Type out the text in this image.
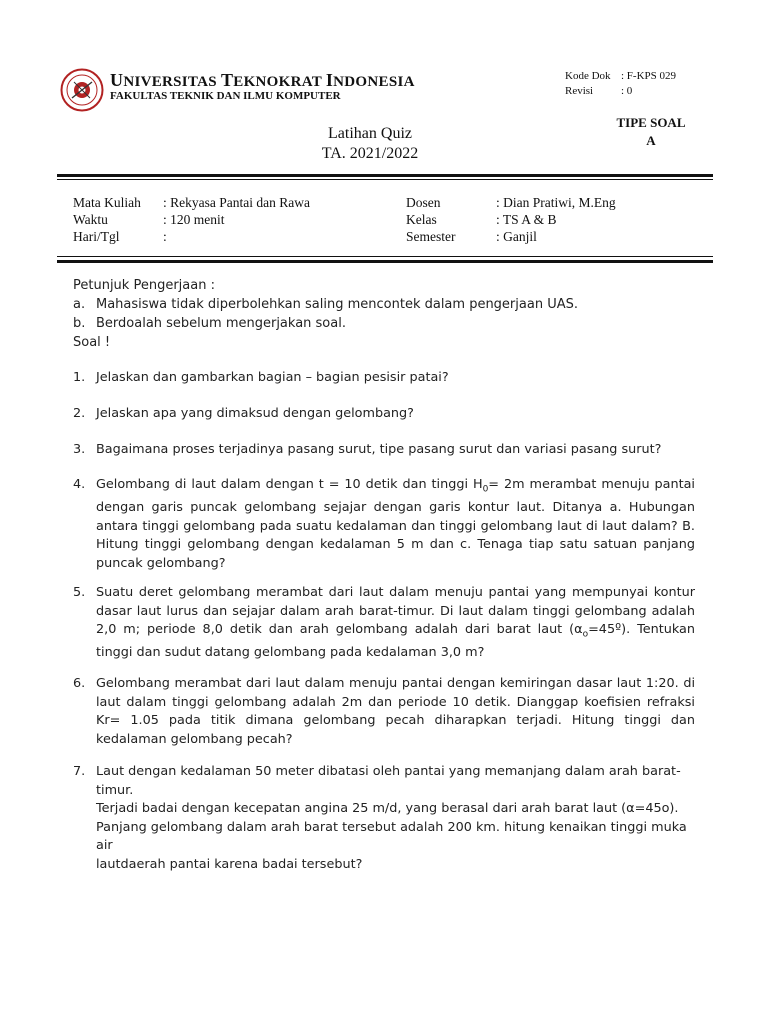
UNIVERSITAS TEKNOKRAT INDONESIA
FAKULTAS TEKNIK DAN ILMU KOMPUTER
Kode Dok : F-KPS 029
Revisi	: 0
Latihan Quiz
TA. 2021/2022
TIPE SOAL
A
Mata Kuliah : Rekyasa Pantai dan Rawa
Waktu	: 120 menit
Hari/Tgl	:
Dosen	: Dian Pratiwi, M.Eng
Kelas	: TS A & B
Semester	: Ganjil
Petunjuk Pengerjaan :
a. Mahasiswa tidak diperbolehkan saling mencontek dalam pengerjaan UAS.
b. Berdoalah sebelum mengerjakan soal.
Soal !
1. Jelaskan dan gambarkan bagian – bagian pesisir patai?
2. Jelaskan apa yang dimaksud dengan gelombang?
3. Bagaimana proses terjadinya pasang surut, tipe pasang surut dan variasi pasang surut?
4. Gelombang di laut dalam dengan t = 10 detik dan tinggi $H_0= 2m$ merambat menuju pantai dengan garis puncak gelombang sejajar dengan garis kontur laut. Ditanya a. Hubungan antara tinggi gelombang pada suatu kedalaman dan tinggi gelombang laut di laut dalam? B. Hitung tinggi gelombang dengan kedalaman 5 m dan c. Tenaga tiap satu satuan panjang puncak gelombang?
5. Suatu deret gelombang merambat dari laut dalam menuju pantai yang mempunyai kontur dasar laut lurus dan sejajar dalam arah barat-timur. Di laut dalam tinggi gelombang adalah 2,0 m; periode 8,0 detik dan arah gelombang adalah dari barat laut $(\alpha_o=45º)$. Tentukan tinggi dan sudut datang gelombang pada kedalaman 3,0 m?
6. Gelombang merambat dari laut dalam menuju pantai dengan kemiringan dasar laut 1:20. di laut dalam tinggi gelombang adalah 2m dan periode 10 detik. Dianggap koefisien refraksi Kr= 1.05 pada titik dimana gelombang pecah diharapkan terjadi. Hitung tinggi dan kedalaman gelombang pecah?
7. Laut dengan kedalaman 50 meter dibatasi oleh pantai yang memanjang dalam arah barat-timur.
Terjadi badai dengan kecepatan angina 25 m/d, yang berasal dari arah barat laut (α=45o).
Panjang gelombang dalam arah barat tersebut adalah 200 km. hitung kenaikan tinggi muka air
lautdaerah pantai karena badai tersebut?
